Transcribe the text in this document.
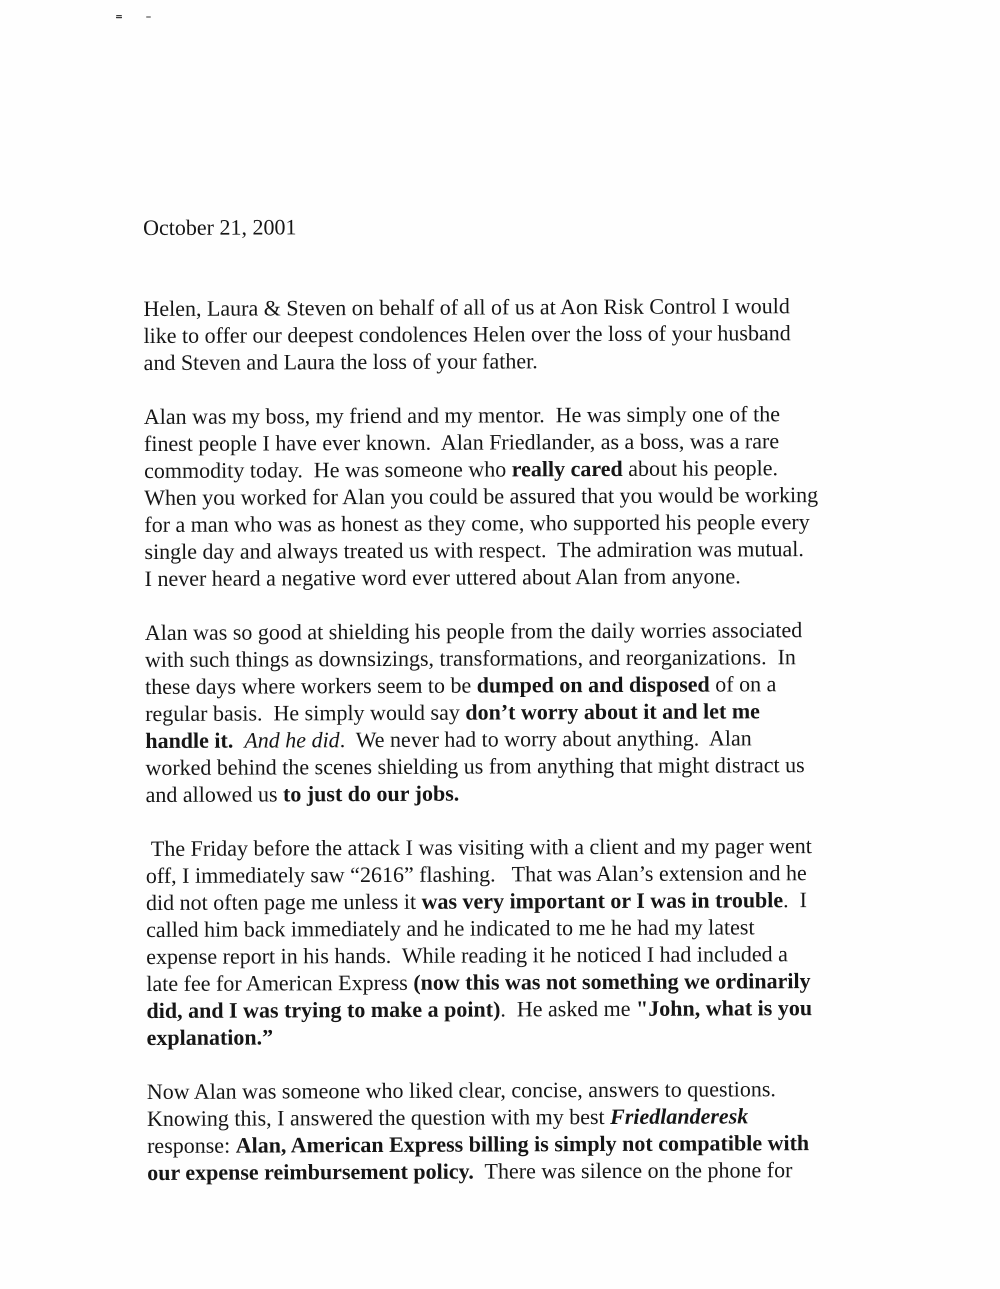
October 21, 2001
Helen, Laura & Steven on behalf of all of us at Aon Risk Control I would
like to offer our deepest condolences Helen over the loss of your husband
and Steven and Laura the loss of your father.
Alan was my boss, my friend and my mentor.  He was simply one of the
finest people I have ever known.  Alan Friedlander, as a boss, was a rare
commodity today.  He was someone who really cared about his people.
When you worked for Alan you could be assured that you would be working
for a man who was as honest as they come, who supported his people every
single day and always treated us with respect.  The admiration was mutual.
I never heard a negative word ever uttered about Alan from anyone.
Alan was so good at shielding his people from the daily worries associated
with such things as downsizings, transformations, and reorganizations.  In
these days where workers seem to be dumped on and disposed of on a
regular basis.  He simply would say don’t worry about it and let me
handle it. And he did.  We never had to worry about anything.  Alan
worked behind the scenes shielding us from anything that might distract us
and allowed us to just do our jobs.
The Friday before the attack I was visiting with a client and my pager went
off, I immediately saw “2616” flashing.   That was Alan’s extension and he
did not often page me unless it was very important or I was in trouble.  I
called him back immediately and he indicated to me he had my latest
expense report in his hands.  While reading it he noticed I had included a
late fee for American Express (now this was not something we ordinarily
did, and I was trying to make a point).  He asked me "John, what is you
explanation.”
Now Alan was someone who liked clear, concise, answers to questions.
Knowing this, I answered the question with my best Friedlanderesk
response: Alan, American Express billing is simply not compatible with
our expense reimbursement policy.  There was silence on the phone for
